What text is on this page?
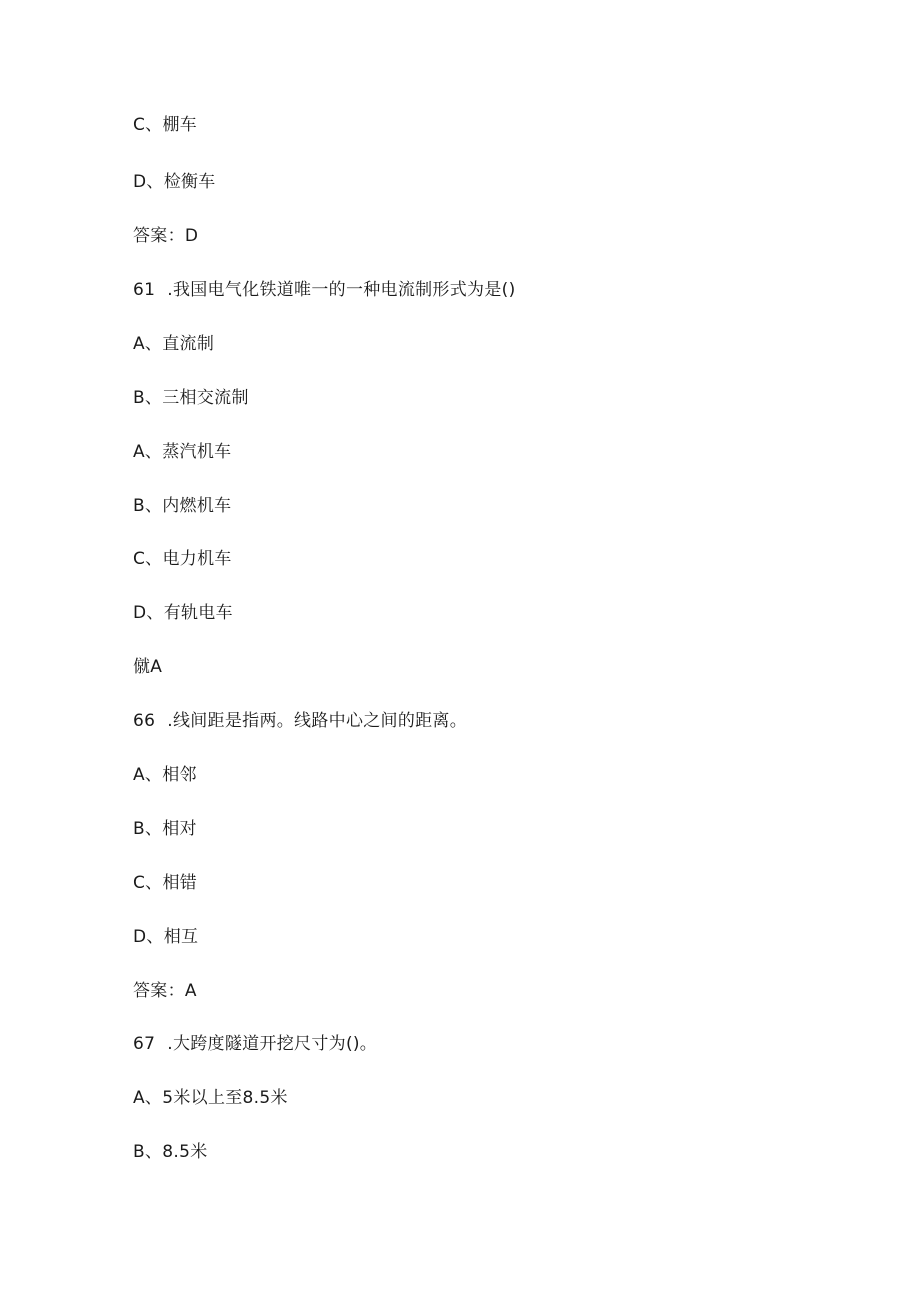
C、棚车
D、检衡车
答案：D
61	.我国电气化铁道唯一的一种电流制形式为是()
A、直流制
B、三相交流制
A、蒸汽机车
B、内燃机车
C、电力机车
D、有轨电车
僦A
66	.线间距是指两。线路中心之间的距离。
A、相邻
B、相对
C、相错
D、相互
答案：A
67	.大跨度隧道开挖尺寸为()。
A、5米以上至8.5米
B、8.5米
